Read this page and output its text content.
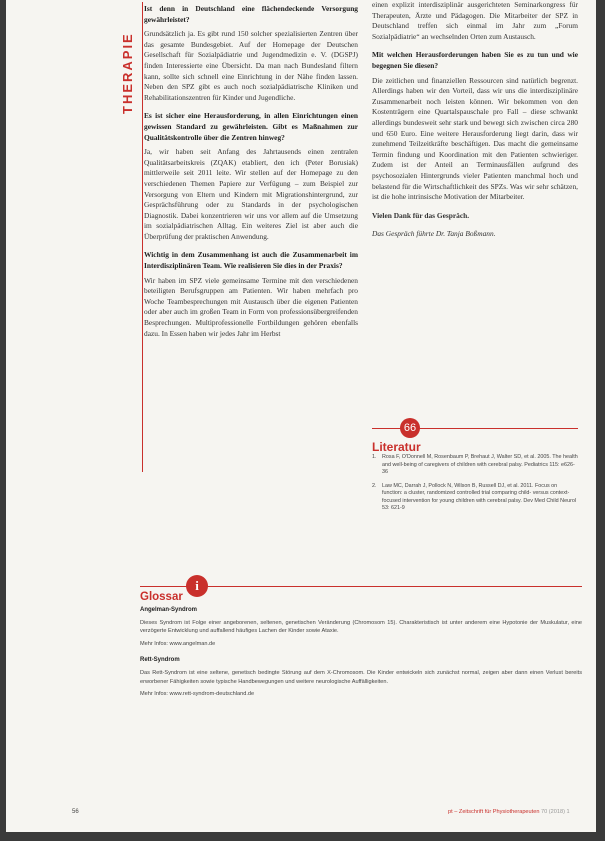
THERAPIE

Ist denn in Deutschland eine flächendeckende Versorgung gewährleistet?

Grundsätzlich ja. Es gibt rund 150 solcher spezialisierten Zentren über das gesamte Bundesgebiet. Auf der Homepage der Deutschen Gesellschaft für Sozialpädiatrie und Jugendmedizin e. V. (DGSPJ) finden Interessierte eine Übersicht. Da man nach Bundesland filtern kann, sollte sich schnell eine Einrichtung in der Nähe finden lassen. Neben den SPZ gibt es auch noch sozialpädiatrische Kliniken und Rehabilitationszentren für Kinder und Jugendliche.

Es ist sicher eine Herausforderung, in allen Einrichtungen einen gewissen Standard zu gewährleisten. Gibt es Maßnahmen zur Qualitätskontrolle über die Zentren hinweg?

Ja, wir haben seit Anfang des Jahrtausends einen zentralen Qualitätsarbeitskreis (ZQAK) etabliert, den ich (Peter Borusiak) mittlerweile seit 2011 leite. Wir stellen auf der Homepage zu den verschiedenen Themen Papiere zur Verfügung – zum Beispiel zur Versorgung von Eltern und Kindern mit Migrationshintergrund, zur Gesprächsführung oder zu Standards in der psychologischen Diagnostik. Dabei konzentrieren wir uns vor allem auf die Umsetzung im sozialpädiatrischen Alltag. Ein weiteres Ziel ist aber auch die Überprüfung der praktischen Anwendung.

Wichtig in dem Zusammenhang ist auch die Zusammenarbeit im Interdisziplinären Team. Wie realisieren Sie dies in der Praxis?

Wir haben im SPZ viele gemeinsame Termine mit den verschiedenen beteiligten Berufsgruppen am Patienten. Wir haben mehrfach pro Woche Teambesprechungen mit Austausch über die eigenen Patienten oder aber auch im großen Team in Form von professionsübergreifenden Besprechungen. Multiprofessionelle Fortbildungen gehören ebenfalls dazu. In Essen haben wir jedes Jahr im Herbst

einen explizit interdisziplinär ausgerichteten Seminarkongress für Therapeuten, Ärzte und Pädagogen. Die Mitarbeiter der SPZ in Deutschland treffen sich einmal im Jahr zum „Forum Sozialpädiatrie“ an wechselnden Orten zum Austausch.

Mit welchen Herausforderungen haben Sie es zu tun und wie begegnen Sie diesen?

Die zeitlichen und finanziellen Ressourcen sind natürlich begrenzt. Allerdings haben wir den Vorteil, dass wir uns die interdisziplinäre Zusammenarbeit noch leisten können. Wir bekommen von den Kostenträgern eine Quartalspauschale pro Fall – diese schwankt allerdings bundesweit sehr stark und bewegt sich zwischen circa 280 und 650 Euro. Eine weitere Herausforderung liegt darin, dass wir zunehmend Teilzeitkräfte beschäftigen. Das macht die gemeinsame Termin findung und Koordination mit den Patienten schwieriger. Zudem ist der Anteil an Terminausfällen aufgrund des psychosozialen Hintergrunds vieler Patienten manchmal hoch und belastend für die Wirtschaftlichkeit des SPZs. Was wir sehr schätzen, ist die hohe intrinsische Motivation der Mitarbeiter.

Vielen Dank für das Gespräch.

Das Gespräch führte Dr. Tanja Boßmann.

66
Literatur
1. Rosa F, O'Donnell M, Rosenbaum P, Brehaut J, Walter SD, et al. 2005. The health and well-being of caregivers of children with cerebral palsy. Pediatrics 115: e626-36
2. Law MC, Darrah J, Pollock N, Wilson B, Russell DJ, et al. 2011. Focus on function: a cluster, randomized controlled trial comparing child- versus context-focused intervention for young children with cerebral palsy. Dev Med Child Neurol 53: 621-9
i
Glossar

Angelman-Syndrom

Dieses Syndrom ist Folge einer angeborenen, seltenen, genetischen Veränderung (Chromosom 15). Charakteristisch ist unter anderem eine Hypotonie der Muskulatur, eine verzögerte Entwicklung und auffallend häufiges Lachen der Kinder sowie Ataxie.

Mehr Infos: www.angelman.de

Rett-Syndrom

Das Rett-Syndrom ist eine seltene, genetisch bedingte Störung auf dem X-Chromosom. Die Kinder entwickeln sich zunächst normal, zeigen aber dann einen Verlust bereits erworbener Fähigkeiten sowie typische Handbewegungen und weitere neurologische Auffälligkeiten.

Mehr Infos: www.rett-syndrom-deutschland.de

56	pt – Zeitschrift für Physiotherapeuten 70 (2018) 1
